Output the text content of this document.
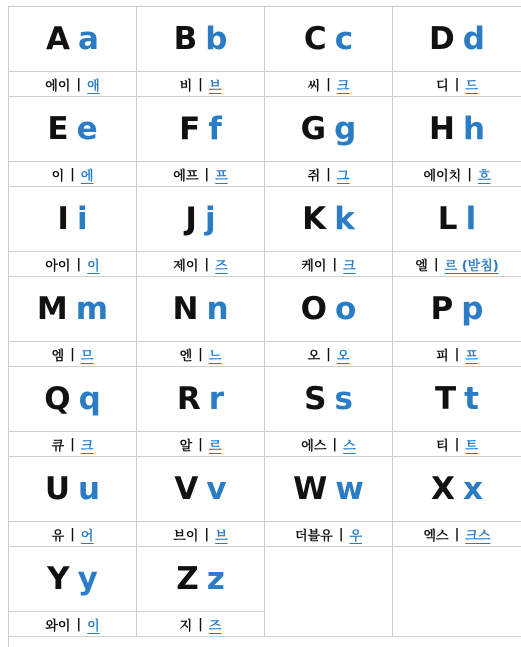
A a
에이 | 애
B b
비 | 브
C c
씨 | 크
D d
디 | 드
E e
이 | 에
F f
에프 | 프
G g
쥐 | 그
H h
에이치 | 흐
I i
아이 | 이
J j
제이 | 즈
K k
케이 | 크
L l
엘 | 르 (받침)
M m
엠 | 므
N n
엔 | 느
O o
오 | 오
P p
피 | 프
Q q
큐 | 크
R r
알 | 르
S s
에스 | 스
T t
티 | 트
U u
유 | 어
V v
브이 | 브
W w
더블유 | 우
X x
엑스 | 크스
Y y
와이 | 이
Z z
지 | 즈
